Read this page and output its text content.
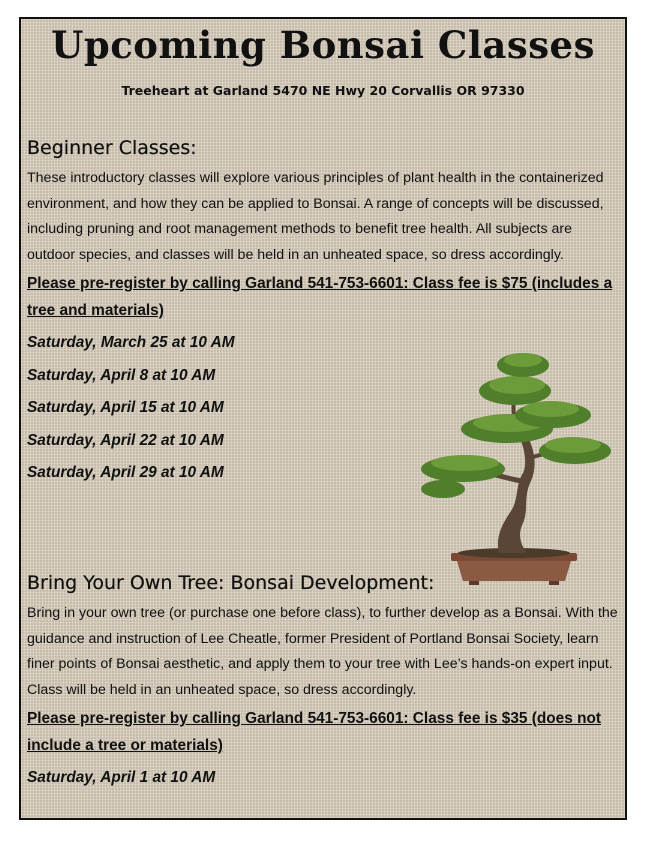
Upcoming Bonsai Classes

Treeheart at Garland 5470 NE Hwy 20 Corvallis OR 97330

Beginner Classes:

These introductory classes will explore various principles of plant health in the containerized environment, and how they can be applied to Bonsai. A range of concepts will be discussed, including pruning and root management methods to benefit tree health. All subjects are outdoor species, and classes will be held in an unheated space, so dress accordingly.

Please pre-register by calling Garland 541-753-6601: Class fee is $75 (includes a tree and materials)

Saturday, March 25 at 10 AM
Saturday, April 8 at 10 AM
Saturday, April 15 at 10 AM
Saturday, April 22 at 10 AM
Saturday, April 29 at 10 AM
Bring Your Own Tree: Bonsai Development:

Bring in your own tree (or purchase one before class), to further develop as a Bonsai. With the guidance and instruction of Lee Cheatle, former President of Portland Bonsai Society, learn finer points of Bonsai aesthetic, and apply them to your tree with Lee’s hands-on expert input. Class will be held in an unheated space, so dress accordingly.

Please pre-register by calling Garland 541-753-6601: Class fee is $35 (does not include a tree or materials)

Saturday, April 1 at 10 AM
